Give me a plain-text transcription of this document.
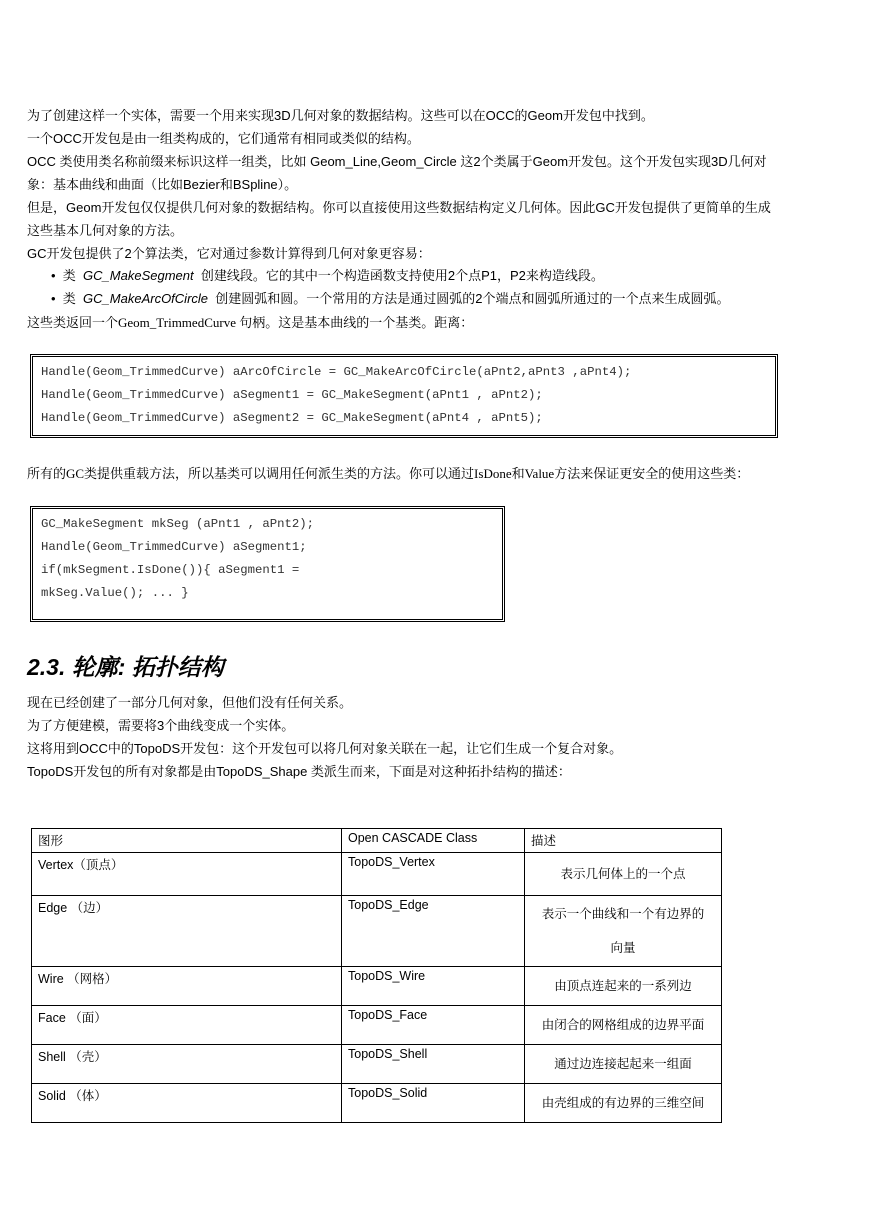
为了创建这样一个实体，需要一个用来实现3D几何对象的数据结构。这些可以在OCC的Geom开发包中找到。
一个OCC开发包是由一组类构成的，它们通常有相同或类似的结构。
OCC 类使用类名称前缀来标识这样一组类，比如 Geom_Line,Geom_Circle 这2个类属于Geom开发包。这个开发包实现3D几何对
象：基本曲线和曲面（比如Bezier和BSpline）。
但是，Geom开发包仅仅提供几何对象的数据结构。你可以直接使用这些数据结构定义几何体。因此GC开发包提供了更简单的生成
这些基本几何对象的方法。
GC开发包提供了2个算法类，它对通过参数计算得到几何对象更容易：
• 类 GC_MakeSegment 创建线段。它的其中一个构造函数支持使用2个点P1，P2来构造线段。
• 类 GC_MakeArcOfCircle 创建圆弧和圆。一个常用的方法是通过圆弧的2个端点和圆弧所通过的一个点来生成圆弧。
这些类返回一个Geom_TrimmedCurve 句柄。这是基本曲线的一个基类。距离：
Handle(Geom_TrimmedCurve) aArcOfCircle = GC_MakeArcOfCircle(aPnt2,aPnt3 ,aPnt4);
Handle(Geom_TrimmedCurve) aSegment1 = GC_MakeSegment(aPnt1 , aPnt2);
Handle(Geom_TrimmedCurve) aSegment2 = GC_MakeSegment(aPnt4 , aPnt5);
所有的GC类提供重载方法，所以基类可以调用任何派生类的方法。你可以通过IsDone和Value方法来保证更安全的使用这些类：
GC_MakeSegment mkSeg (aPnt1 , aPnt2);
Handle(Geom_TrimmedCurve) aSegment1;
if(mkSegment.IsDone()){ aSegment1 =
mkSeg.Value(); ... }
2.3. 轮廓: 拓扑结构
现在已经创建了一部分几何对象，但他们没有任何关系。
为了方便建模，需要将3个曲线变成一个实体。
这将用到OCC中的TopoDS开发包：这个开发包可以将几何对象关联在一起，让它们生成一个复合对象。
TopoDS开发包的所有对象都是由TopoDS_Shape 类派生而来，下面是对这种拓扑结构的描述：
图形	Open CASCADE Class	描述
Vertex（顶点）	TopoDS_Vertex	表示几何体上的一个点
Edge （边）	TopoDS_Edge	表示一个曲线和一个有边界的向量
Wire （网格）	TopoDS_Wire	由顶点连起来的一系列边
Face （面）	TopoDS_Face	由闭合的网格组成的边界平面
Shell （壳）	TopoDS_Shell	通过边连接起起来一组面
Solid （体）	TopoDS_Solid	由壳组成的有边界的三维空间
